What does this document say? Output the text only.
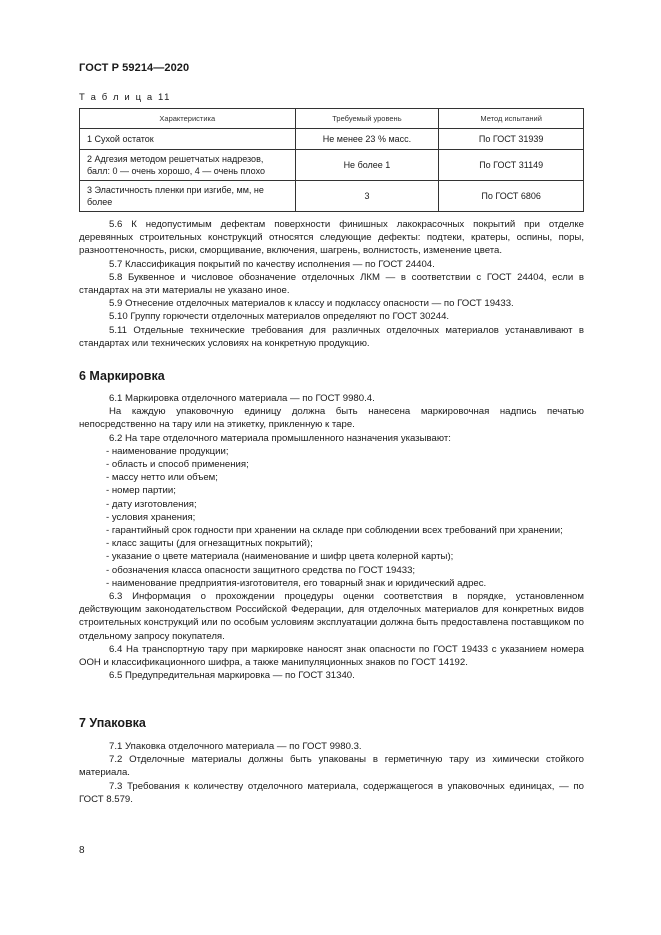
ГОСТ Р 59214—2020
Т а б л и ц а 11
Характеристика	Требуемый уровень	Метод испытаний
1 Сухой остаток	Не менее 23 % масс.	По ГОСТ 31939
2 Адгезия методом решетчатых надрезов, балл: 0 — очень хорошо, 4 — очень плохо	Не более 1	По ГОСТ 31149
3 Эластичность пленки при изгибе, мм, не более	3	По ГОСТ 6806

5.6 К недопустимым дефектам поверхности финишных лакокрасочных покрытий при отделке деревянных строительных конструкций относятся следующие дефекты: подтеки, кратеры, оспины, поры, разнооттеночность, риски, сморщивание, включения, шагрень, волнистость, изменение цвета.

5.7 Классификация покрытий по качеству исполнения — по ГОСТ 24404.

5.8 Буквенное и числовое обозначение отделочных ЛКМ — в соответствии с ГОСТ 24404, если в стандартах на эти материалы не указано иное.

5.9 Отнесение отделочных материалов к классу и подклассу опасности — по ГОСТ 19433.

5.10 Группу горючести отделочных материалов определяют по ГОСТ 30244.

5.11 Отдельные технические требования для различных отделочных материалов устанавливают в стандартах или технических условиях на конкретную продукцию.

6 Маркировка

6.1 Маркировка отделочного материала — по ГОСТ 9980.4.

На каждую упаковочную единицу должна быть нанесена маркировочная надпись печатью непосредственно на тару или на этикетку, прикленную к таре.

6.2 На таре отделочного материала промышленного назначения указывают:

- наименование продукции;

- область и способ применения;

- массу нетто или объем;

- номер партии;

- дату изготовления;

- условия хранения;

- гарантийный срок годности при хранении на складе при соблюдении всех требований при хранении;

- класс защиты (для огнезащитных покрытий);

- указание о цвете материала (наименование и шифр цвета колерной карты);

- обозначения класса опасности защитного средства по ГОСТ 19433;

- наименование предприятия-изготовителя, его товарный знак и юридический адрес.

6.3 Информация о прохождении процедуры оценки соответствия в порядке, установленном действующим законодательством Российской Федерации, для отделочных материалов для конкретных видов строительных конструкций или по особым условиям эксплуатации должна быть предоставлена поставщиком по отдельному запросу покупателя.

6.4 На транспортную тару при маркировке наносят знак опасности по ГОСТ 19433 с указанием номера ООН и классификационного шифра, а также манипуляционных знаков по ГОСТ 14192.

6.5 Предупредительная маркировка — по ГОСТ 31340.

7 Упаковка

7.1 Упаковка отделочного материала — по ГОСТ 9980.3.

7.2 Отделочные материалы должны быть упакованы в герметичную тару из химически стойкого материала.

7.3 Требования к количеству отделочного материала, содержащегося в упаковочных единицах, — по ГОСТ 8.579.

8
